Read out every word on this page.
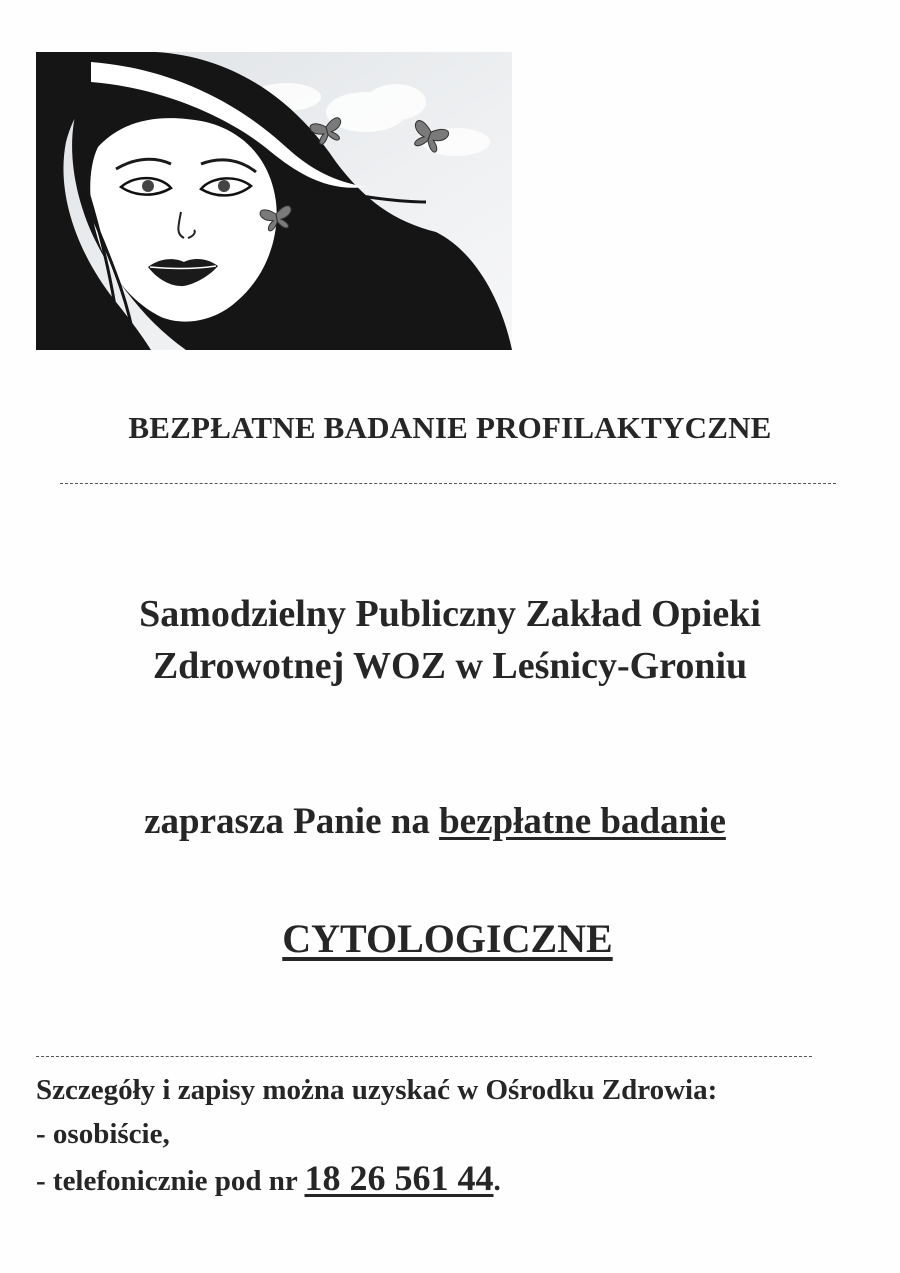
BEZPŁATNE BADANIE PROFILAKTYCZNE
Samodzielny Publiczny Zakład Opieki
Zdrowotnej WOZ w Leśnicy-Groniu

zaprasza Panie na bezpłatne badanie

CYTOLOGICZNE

Szczegóły i zapisy można uzyskać w Ośrodku Zdrowia:
- osobiście,
- telefonicznie pod nr 18 26 561 44.
